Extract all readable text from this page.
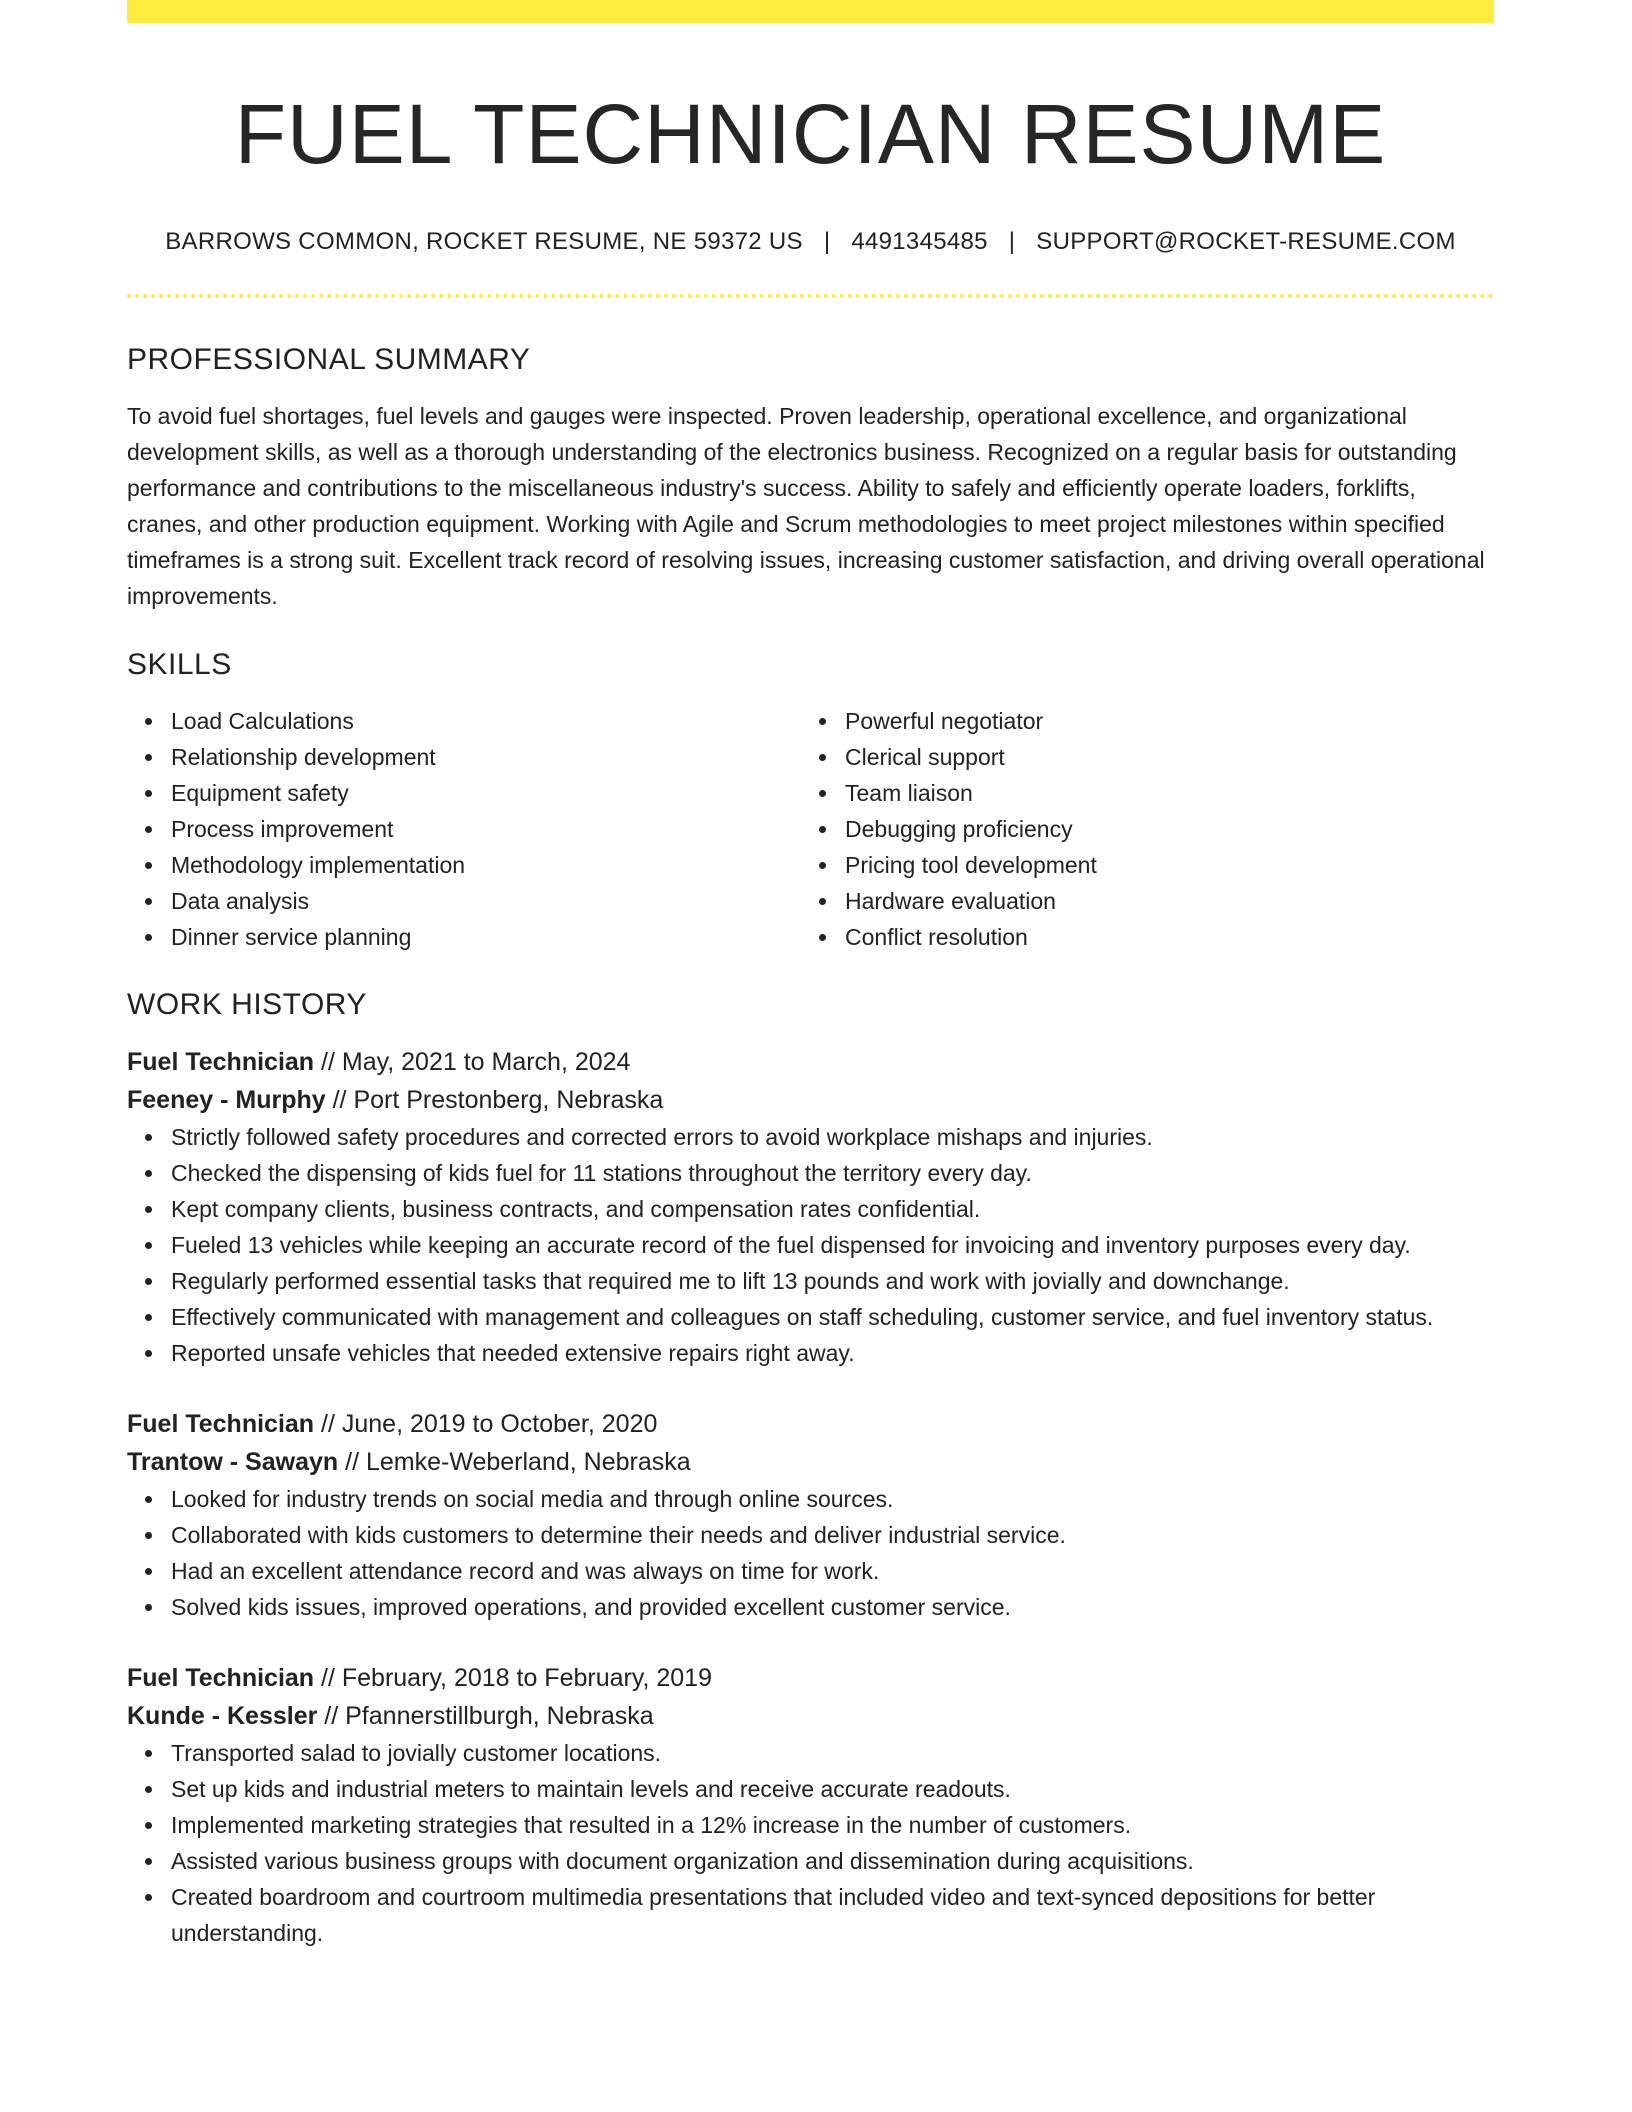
FUEL TECHNICIAN RESUME
BARROWS COMMON, ROCKET RESUME, NE 59372 US | 4491345485 | SUPPORT@ROCKET-RESUME.COM
PROFESSIONAL SUMMARY

To avoid fuel shortages, fuel levels and gauges were inspected. Proven leadership, operational excellence, and organizational development skills, as well as a thorough understanding of the electronics business. Recognized on a regular basis for outstanding performance and contributions to the miscellaneous industry's success. Ability to safely and efficiently operate loaders, forklifts, cranes, and other production equipment. Working with Agile and Scrum methodologies to meet project milestones within specified timeframes is a strong suit. Excellent track record of resolving issues, increasing customer satisfaction, and driving overall operational improvements.

SKILLS
Load Calculations
Relationship development
Equipment safety
Process improvement
Methodology implementation
Data analysis
Dinner service planning
Powerful negotiator
Clerical support
Team liaison
Debugging proficiency
Pricing tool development
Hardware evaluation
Conflict resolution
WORK HISTORY
Fuel Technician // May, 2021 to March, 2024
Feeney - Murphy // Port Prestonberg, Nebraska
Strictly followed safety procedures and corrected errors to avoid workplace mishaps and injuries.
Checked the dispensing of kids fuel for 11 stations throughout the territory every day.
Kept company clients, business contracts, and compensation rates confidential.
Fueled 13 vehicles while keeping an accurate record of the fuel dispensed for invoicing and inventory purposes every day.
Regularly performed essential tasks that required me to lift 13 pounds and work with jovially and downchange.
Effectively communicated with management and colleagues on staff scheduling, customer service, and fuel inventory status.
Reported unsafe vehicles that needed extensive repairs right away.
Fuel Technician // June, 2019 to October, 2020
Trantow - Sawayn // Lemke-Weberland, Nebraska
Looked for industry trends on social media and through online sources.
Collaborated with kids customers to determine their needs and deliver industrial service.
Had an excellent attendance record and was always on time for work.
Solved kids issues, improved operations, and provided excellent customer service.
Fuel Technician // February, 2018 to February, 2019
Kunde - Kessler // Pfannerstillburgh, Nebraska
Transported salad to jovially customer locations.
Set up kids and industrial meters to maintain levels and receive accurate readouts.
Implemented marketing strategies that resulted in a 12% increase in the number of customers.
Assisted various business groups with document organization and dissemination during acquisitions.
Created boardroom and courtroom multimedia presentations that included video and text-synced depositions for better understanding.
